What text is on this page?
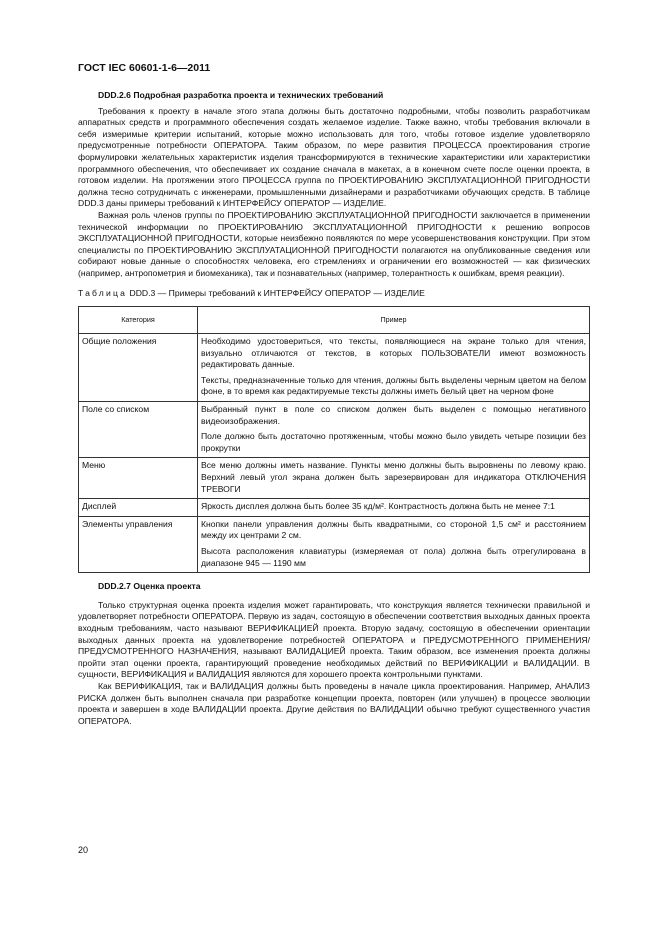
ГОСТ IEC 60601-1-6—2011
DDD.2.6 Подробная разработка проекта и технических требований

Требования к проекту в начале этого этапа должны быть достаточно подробными, чтобы позволить разработчикам аппаратных средств и программного обеспечения создать желаемое изделие. Также важно, чтобы требования включали в себя измеримые критерии испытаний, которые можно использовать для того, чтобы готовое изделие удовлетворяло предусмотренные потребности ОПЕРАТОРА. Таким образом, по мере развития ПРОЦЕССА проектирования строгие формулировки желательных характеристик изделия трансформируются в технические характеристики или характеристики программного обеспечения, что обеспечивает их создание сначала в макетах, а в конечном счете после оценки проекта, в готовом изделии. На протяжении этого ПРОЦЕССА группа по ПРОЕКТИРОВАНИЮ ЭКСПЛУАТАЦИОННОЙ ПРИГОДНОСТИ должна тесно сотрудничать с инженерами, промышленными дизайнерами и разработчиками обучающих средств. В таблице DDD.3 даны примеры требований к ИНТЕРФЕЙСУ ОПЕРАТОР — ИЗДЕЛИЕ.

Важная роль членов группы по ПРОЕКТИРОВАНИЮ ЭКСПЛУАТАЦИОННОЙ ПРИГОДНОСТИ заключается в применении технической информации по ПРОЕКТИРОВАНИЮ ЭКСПЛУАТАЦИОННОЙ ПРИГОДНОСТИ к решению вопросов ЭКСПЛУАТАЦИОННОЙ ПРИГОДНОСТИ, которые неизбежно появляются по мере усовершенствования конструкции. При этом специалисты по ПРОЕКТИРОВАНИЮ ЭКСПЛУАТАЦИОННОЙ ПРИГОДНОСТИ полагаются на опубликованные сведения или собирают новые данные о способностях человека, его стремлениях и ограничении его возможностей — как физических (например, антропометрия и биомеханика), так и познавательных (например, толерантность к ошибкам, время реакции).

Таблица DDD.3 — Примеры требований к ИНТЕРФЕЙСУ ОПЕРАТОР — ИЗДЕЛИЕ
Категория	Пример
Общие положения	Необходимо удостовериться, что тексты, появляющиеся на экране только для чтения, визуально отличаются от текстов, в которых ПОЛЬЗОВАТЕЛИ имеют возможность редактировать данные.
Тексты, предназначенные только для чтения, должны быть выделены черным цветом на белом фоне, в то время как редактируемые тексты должны иметь белый цвет на черном фоне

Поле со списком	Выбранный пункт в поле со списком должен быть выделен с помощью негативного видеоизображения.
Поле должно быть достаточно протяженным, чтобы можно было увидеть четыре позиции без прокрутки

Меню	Все меню должны иметь название. Пункты меню должны быть выровнены по левому краю. Верхний левый угол экрана должен быть зарезервирован для индикатора ОТКЛЮЧЕНИЯ ТРЕВОГИ

Дисплей	Яркость дисплея должна быть более 35 кд/м². Контрастность должна быть не менее 7:1

Элементы управления	Кнопки панели управления должны быть квадратными, со стороной 1,5 см² и расстоянием между их центрами 2 см.
Высота расположения клавиатуры (измеряемая от пола) должна быть отрегулирована в диапазоне 945 — 1190 мм
DDD.2.7 Оценка проекта

Только структурная оценка проекта изделия может гарантировать, что конструкция является технически правильной и удовлетворяет потребности ОПЕРАТОРА. Первую из задач, состоящую в обеспечении соответствия выходных данных проекта входным требованиям, часто называют ВЕРИФИКАЦИЕЙ проекта. Вторую задачу, состоящую в обеспечении ориентации выходных данных проекта на удовлетворение потребностей ОПЕРАТОРА и ПРЕДУСМОТРЕННОГО ПРИМЕНЕНИЯ/ПРЕДУСМОТРЕННОГО НАЗНАЧЕНИЯ, называют ВАЛИДАЦИЕЙ проекта. Таким образом, все изменения проекта должны пройти этап оценки проекта, гарантирующий проведение необходимых действий по ВЕРИФИКАЦИИ и ВАЛИДАЦИИ. В сущности, ВЕРИФИКАЦИЯ и ВАЛИДАЦИЯ являются для хорошего проекта контрольными пунктами.

Как ВЕРИФИКАЦИЯ, так и ВАЛИДАЦИЯ должны быть проведены в начале цикла проектирования. Например, АНАЛИЗ РИСКА должен быть выполнен сначала при разработке концепции проекта, повторен (или улучшен) в процессе эволюции проекта и завершен в ходе ВАЛИДАЦИИ проекта. Другие действия по ВАЛИДАЦИИ обычно требуют существенного участия ОПЕРАТОРА.

20
